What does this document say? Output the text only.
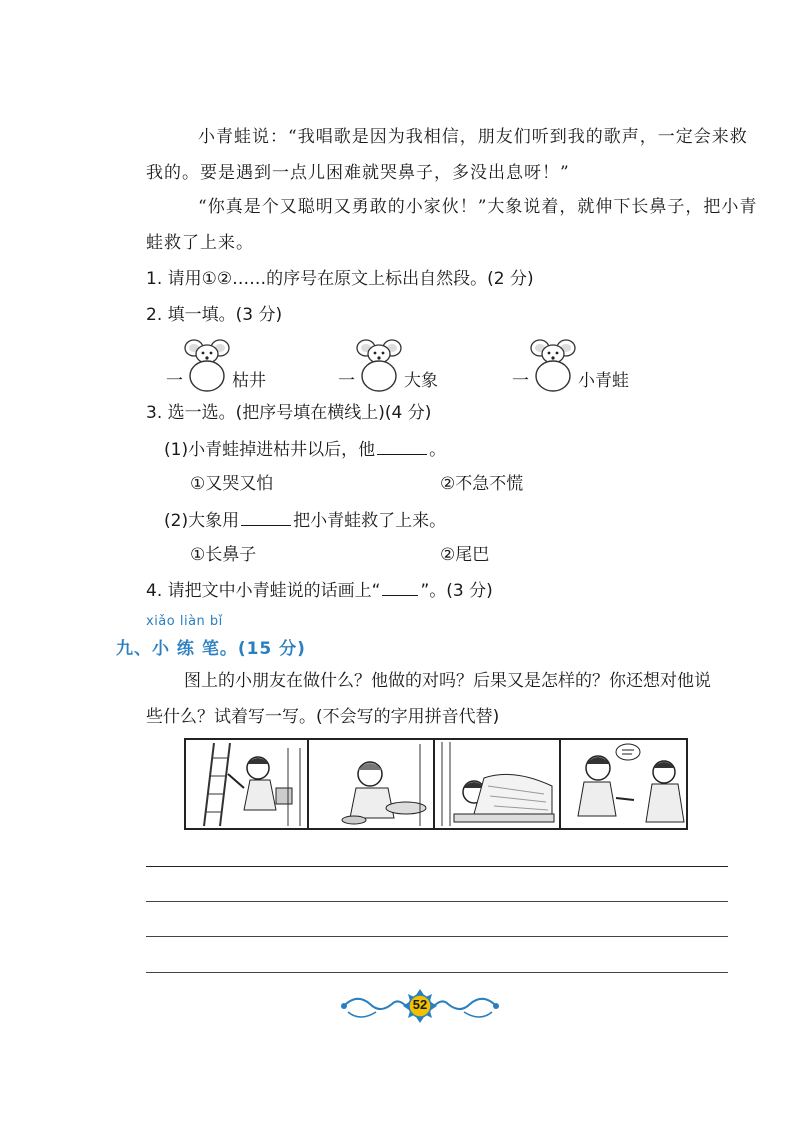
小青蛙说：“我唱歌是因为我相信，朋友们听到我的歌声，一定会来救
我的。要是遇到一点儿困难就哭鼻子，多没出息呀！”
“你真是个又聪明又勇敢的小家伙！”大象说着，就伸下长鼻子，把小青
蛙救了上来。
1. 请用①②……的序号在原文上标出自然段。(2 分)
2. 填一填。(3 分)
一	枯井	一	大象	一	小青蛙
3. 选一选。(把序号填在横线上)(4 分)
(1)小青蛙掉进枯井以后，他	。
①又哭又怕	②不急不慌
(2)大象用	把小青蛙救了上来。
①长鼻子	②尾巴
4. 请把文中小青蛙说的话画上“ ”。(3 分)
xiǎo liàn bǐ
九、小 练 笔。(15 分)
图上的小朋友在做什么？他做的对吗？后果又是怎样的？你还想对他说
些什么？试着写一写。(不会写的字用拼音代替)
52
